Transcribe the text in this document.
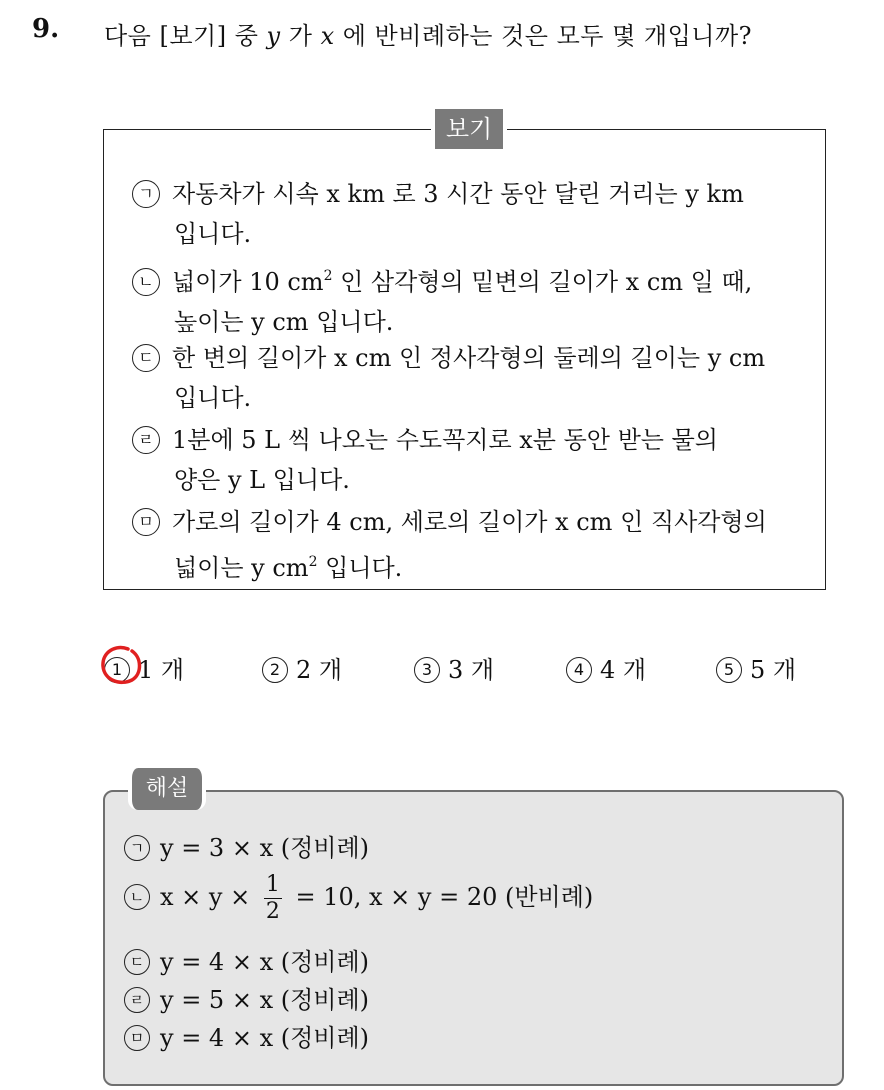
9. 다음 [보기] 중 y 가 x 에 반비례하는 것은 모두 몇 개입니까?
보기
ㄱ 자동차가 시속 x km 로 3 시간 동안 달린 거리는 y km
입니다.
ㄴ 넓이가 10 $cm^2$ 인 삼각형의 밑변의 길이가 x cm 일 때,
높이는 y cm 입니다.
ㄷ 한 변의 길이가 x cm 인 정사각형의 둘레의 길이는 y cm
입니다.
ㄹ 1분에 5 L 씩 나오는 수도꼭지로 x분 동안 받는 물의
양은 y L 입니다.
ㅁ 가로의 길이가 4 cm, 세로의 길이가 x cm 인 직사각형의
넓이는 y $cm^2$ 입니다.
1 1 개	2 2 개	3 3 개	4 4 개	5 5 개
해설
ㄱ y = 3 × x (정비례)
ㄴ $x \times y \times \frac{1}{2} = 10$, x × y = 20 (반비례)
ㄷ y = 4 × x (정비례)
ㄹ y = 5 × x (정비례)
ㅁ y = 4 × x (정비례)
